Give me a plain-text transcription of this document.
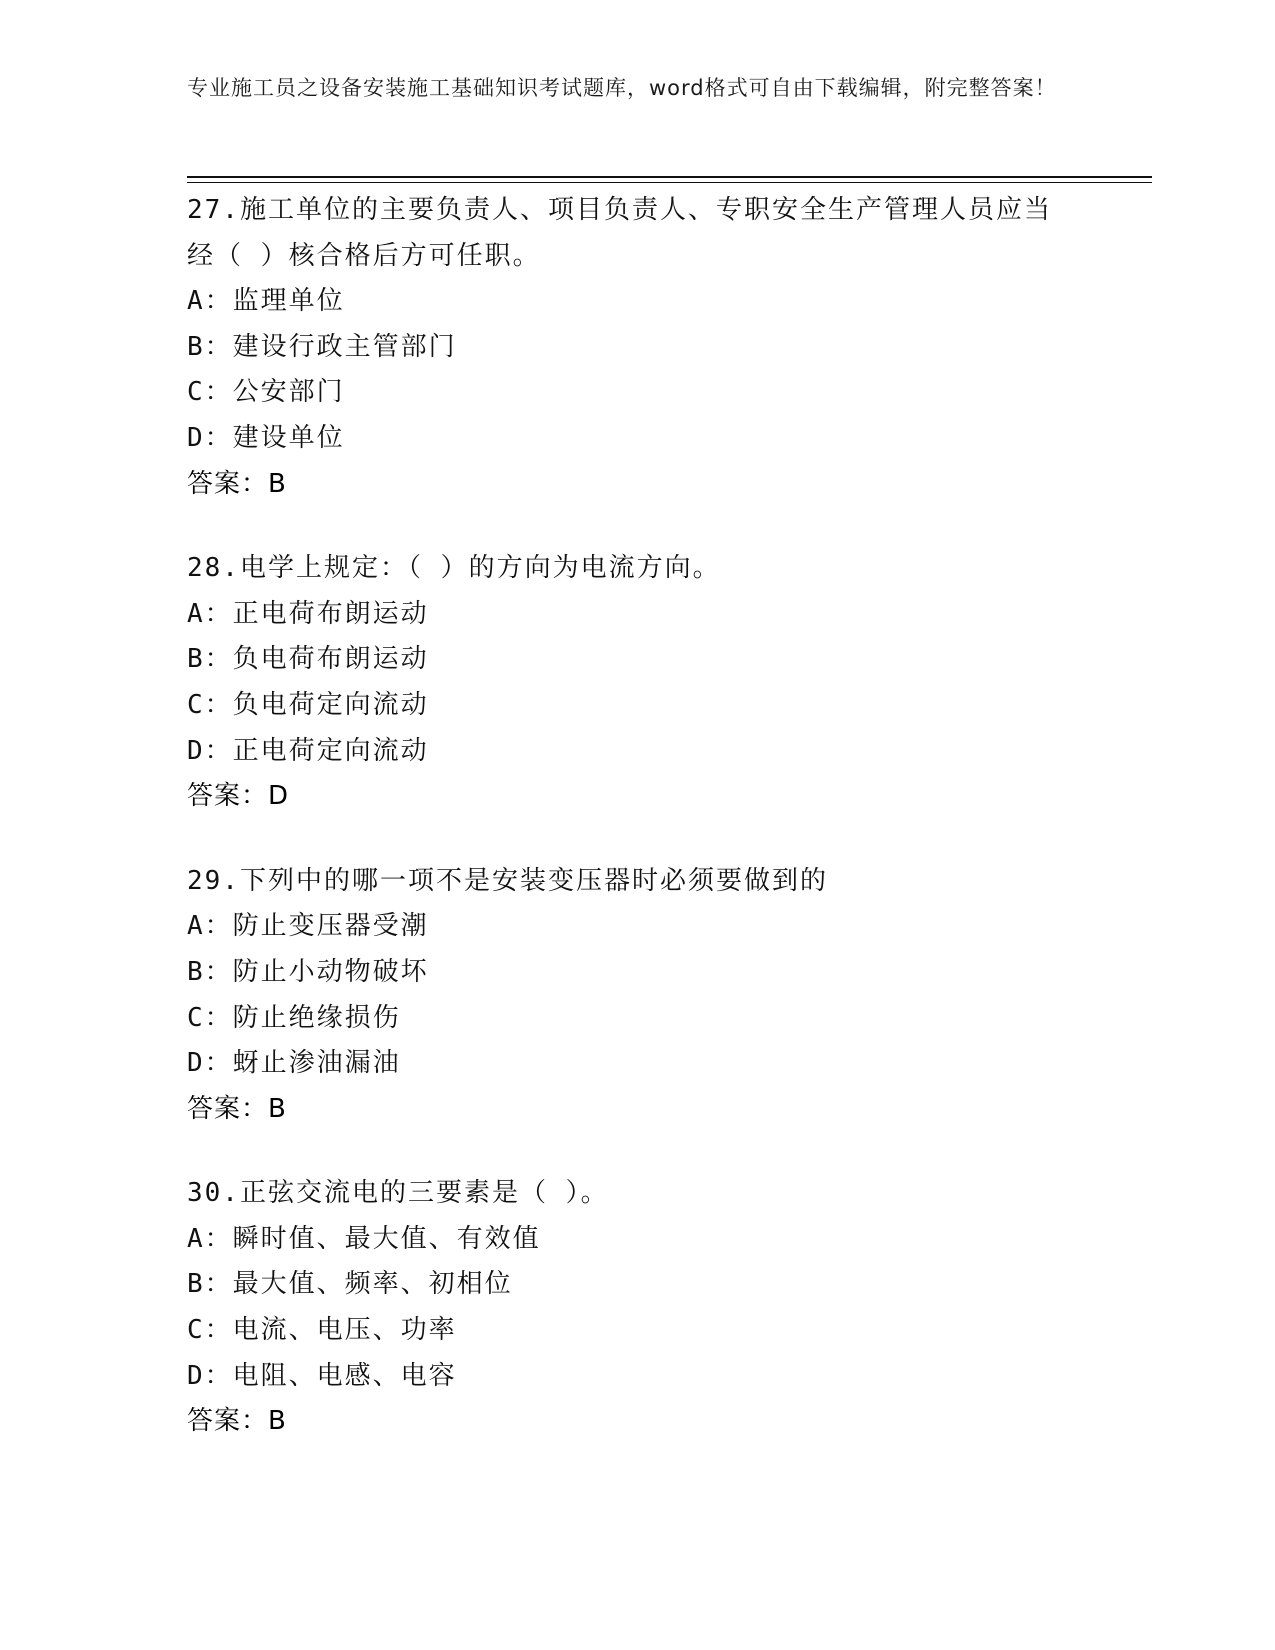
专业施工员之设备安装施工基础知识考试题库，word格式可自由下载编辑，附完整答案！
27.施工单位的主要负责人、项目负责人、专职安全生产管理人员应当经（ ）核合格后方可任职。
A：监理单位
B：建设行政主管部门
C：公安部门
D：建设单位
答案：B
28.电学上规定：（ ）的方向为电流方向。
A：正电荷布朗运动
B：负电荷布朗运动
C：负电荷定向流动
D：正电荷定向流动
答案：D
29.下列中的哪一项不是安装变压器时必须要做到的
A：防止变压器受潮
B：防止小动物破坏
C：防止绝缘损伤
D：蚜止渗油漏油
答案：B
30.正弦交流电的三要素是（ ）。
A：瞬时值、最大值、有效值
B：最大值、频率、初相位
C：电流、电压、功率
D：电阻、电感、电容
答案：B
